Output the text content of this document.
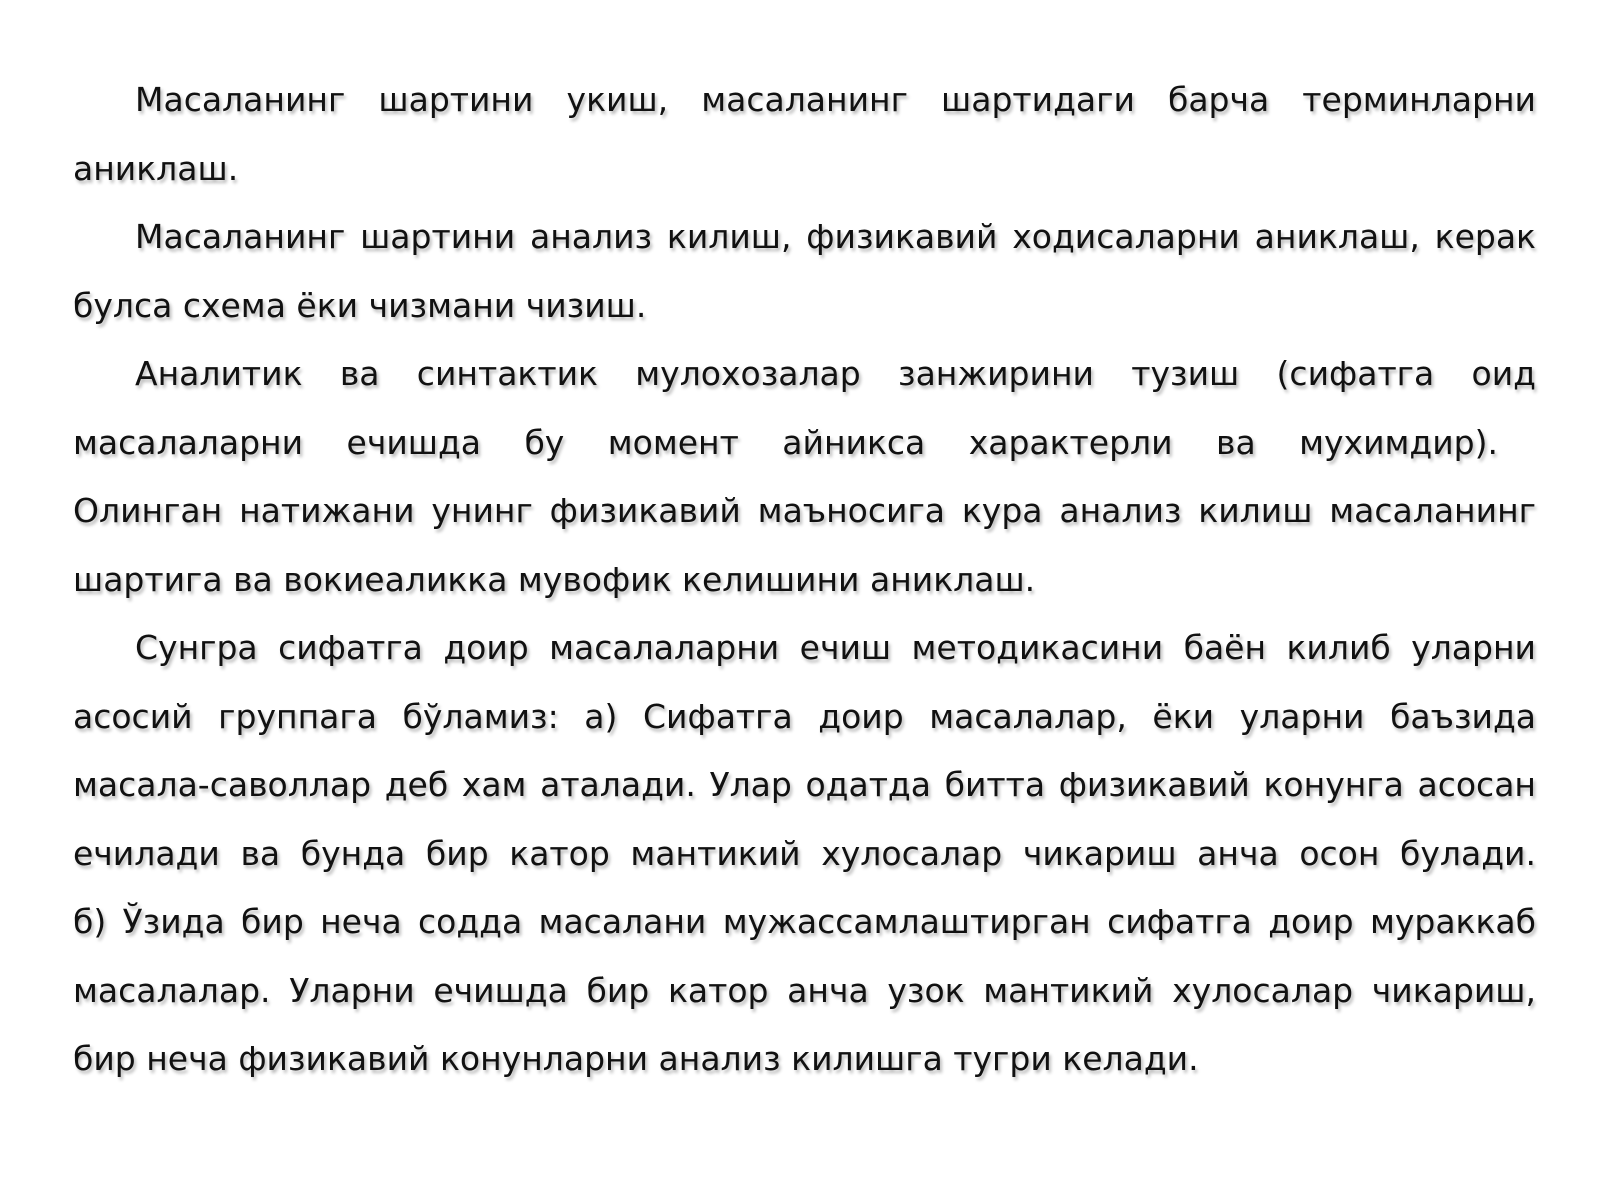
Масаланинг шартини укиш, масаланинг шартидаги барча терминларни
аниклаш.
Масаланинг шартини анализ килиш, физикавий ходисаларни аниклаш, керак
булса схема ёки чизмани чизиш.
Аналитик ва синтактик мулохозалар занжирини тузиш (сифатга оид
масалаларни ечишда бу момент айникса характерли ва мухимдир).
Олинган натижани унинг физикавий маъносига кура анализ килиш масаланинг
шартига ва вокиеаликка мувофик келишини аниклаш.
Сунгра сифатга доир масалаларни ечиш методикасини баён килиб уларни
асосий группага бўламиз: а) Сифатга доир масалалар, ёки уларни баъзида
масала-саволлар деб хам аталади. Улар одатда битта физикавий конунга асосан
ечилади ва бунда бир катор мантикий хулосалар чикариш анча осон булади.
б) Ўзида бир неча содда масалани мужассамлаштирган сифатга доир мураккаб
масалалар. Уларни ечишда бир катор анча узок мантикий хулосалар чикариш,
бир неча физикавий конунларни анализ килишга тугри келади.
